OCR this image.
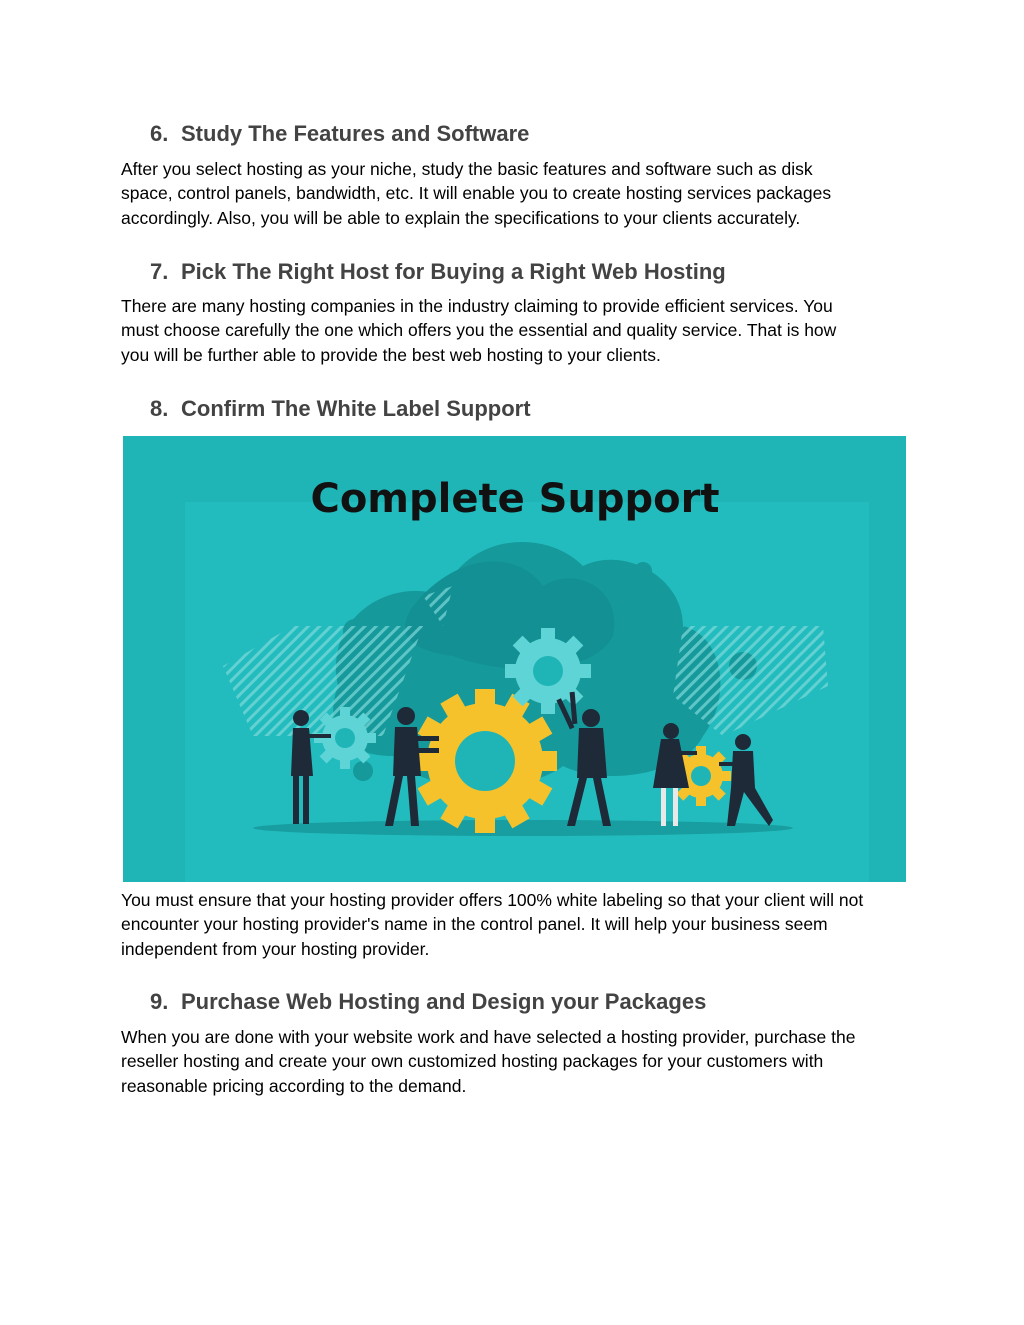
6. Study The Features and Software

After you select hosting as your niche, study the basic features and software such as disk
space, control panels, bandwidth, etc. It will enable you to create hosting services packages
accordingly. Also, you will be able to explain the specifications to your clients accurately.

7. Pick The Right Host for Buying a Right Web Hosting

There are many hosting companies in the industry claiming to provide efficient services. You
must choose carefully the one which offers you the essential and quality service. That is how
you will be further able to provide the best web hosting to your clients.

8. Confirm The White Label Support
Complete Support

You must ensure that your hosting provider offers 100% white labeling so that your client will not
encounter your hosting provider's name in the control panel. It will help your business seem
independent from your hosting provider.

9. Purchase Web Hosting and Design your Packages

When you are done with your website work and have selected a hosting provider, purchase the
reseller hosting and create your own customized hosting packages for your customers with
reasonable pricing according to the demand.
